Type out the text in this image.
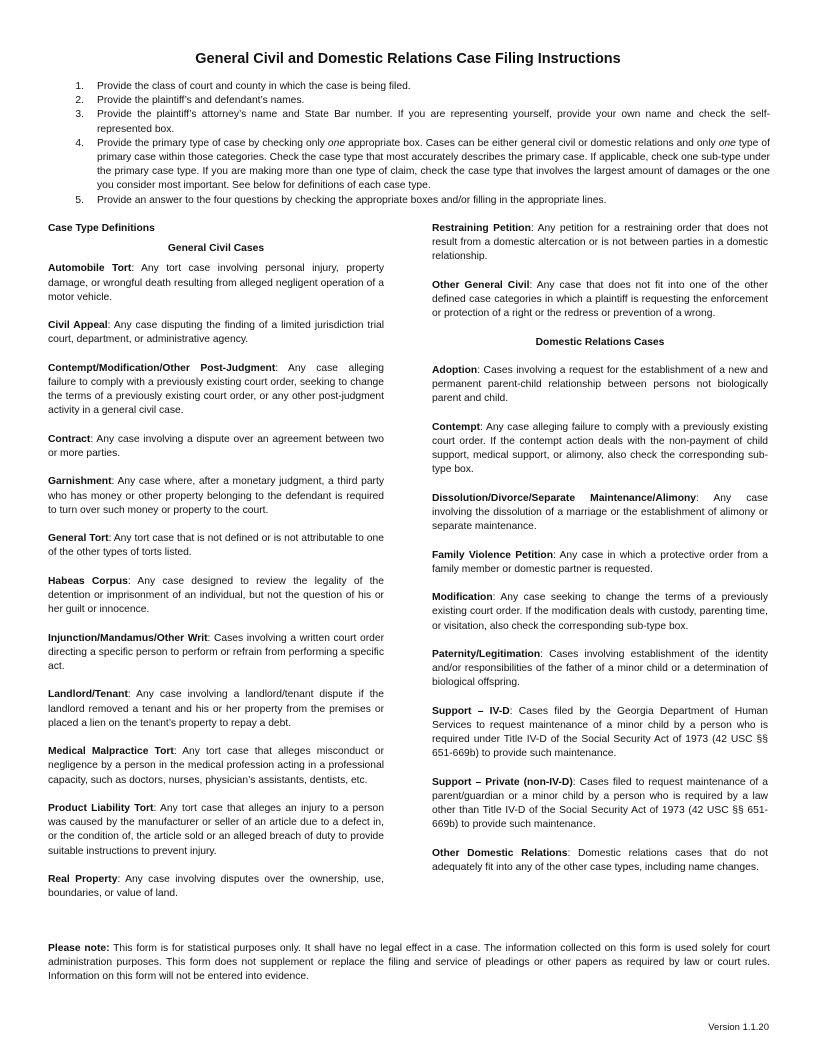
General Civil and Domestic Relations Case Filing Instructions
1. Provide the class of court and county in which the case is being filed.
2. Provide the plaintiff’s and defendant’s names.
3. Provide the plaintiff’s attorney’s name and State Bar number. If you are representing yourself, provide your own name and check the self-represented box.
4. Provide the primary type of case by checking only one appropriate box. Cases can be either general civil or domestic relations and only one type of primary case within those categories. Check the case type that most accurately describes the primary case. If applicable, check one sub-type under the primary case type. If you are making more than one type of claim, check the case type that involves the largest amount of damages or the one you consider most important. See below for definitions of each case type.
5. Provide an answer to the four questions by checking the appropriate boxes and/or filling in the appropriate lines.

Case Type Definitions

General Civil Cases

Automobile Tort: Any tort case involving personal injury, property damage, or wrongful death resulting from alleged negligent operation of a motor vehicle.

Civil Appeal: Any case disputing the finding of a limited jurisdiction trial court, department, or administrative agency.

Contempt/Modification/Other Post-Judgment: Any case alleging failure to comply with a previously existing court order, seeking to change the terms of a previously existing court order, or any other post-judgment activity in a general civil case.

Contract: Any case involving a dispute over an agreement between two or more parties.

Garnishment: Any case where, after a monetary judgment, a third party who has money or other property belonging to the defendant is required to turn over such money or property to the court.

General Tort: Any tort case that is not defined or is not attributable to one of the other types of torts listed.

Habeas Corpus: Any case designed to review the legality of the detention or imprisonment of an individual, but not the question of his or her guilt or innocence.

Injunction/Mandamus/Other Writ: Cases involving a written court order directing a specific person to perform or refrain from performing a specific act.

Landlord/Tenant: Any case involving a landlord/tenant dispute if the landlord removed a tenant and his or her property from the premises or placed a lien on the tenant’s property to repay a debt.

Medical Malpractice Tort: Any tort case that alleges misconduct or negligence by a person in the medical profession acting in a professional capacity, such as doctors, nurses, physician’s assistants, dentists, etc.

Product Liability Tort: Any tort case that alleges an injury to a person was caused by the manufacturer or seller of an article due to a defect in, or the condition of, the article sold or an alleged breach of duty to provide suitable instructions to prevent injury.

Real Property: Any case involving disputes over the ownership, use, boundaries, or value of land.

Restraining Petition: Any petition for a restraining order that does not result from a domestic altercation or is not between parties in a domestic relationship.

Other General Civil: Any case that does not fit into one of the other defined case categories in which a plaintiff is requesting the enforcement or protection of a right or the redress or prevention of a wrong.

Domestic Relations Cases

Adoption: Cases involving a request for the establishment of a new and permanent parent-child relationship between persons not biologically parent and child.

Contempt: Any case alleging failure to comply with a previously existing court order. If the contempt action deals with the non-payment of child support, medical support, or alimony, also check the corresponding sub-type box.

Dissolution/Divorce/Separate Maintenance/Alimony: Any case involving the dissolution of a marriage or the establishment of alimony or separate maintenance.

Family Violence Petition: Any case in which a protective order from a family member or domestic partner is requested.

Modification: Any case seeking to change the terms of a previously existing court order. If the modification deals with custody, parenting time, or visitation, also check the corresponding sub-type box.

Paternity/Legitimation: Cases involving establishment of the identity and/or responsibilities of the father of a minor child or a determination of biological offspring.

Support – IV-D: Cases filed by the Georgia Department of Human Services to request maintenance of a minor child by a person who is required under Title IV-D of the Social Security Act of 1973 (42 USC §§ 651-669b) to provide such maintenance.

Support – Private (non-IV-D): Cases filed to request maintenance of a parent/guardian or a minor child by a person who is required by a law other than Title IV-D of the Social Security Act of 1973 (42 USC §§ 651-669b) to provide such maintenance.

Other Domestic Relations: Domestic relations cases that do not adequately fit into any of the other case types, including name changes.

Please note: This form is for statistical purposes only. It shall have no legal effect in a case. The information collected on this form is used solely for court administration purposes. This form does not supplement or replace the filing and service of pleadings or other papers as required by law or court rules. Information on this form will not be entered into evidence.

Version 1.1.20
